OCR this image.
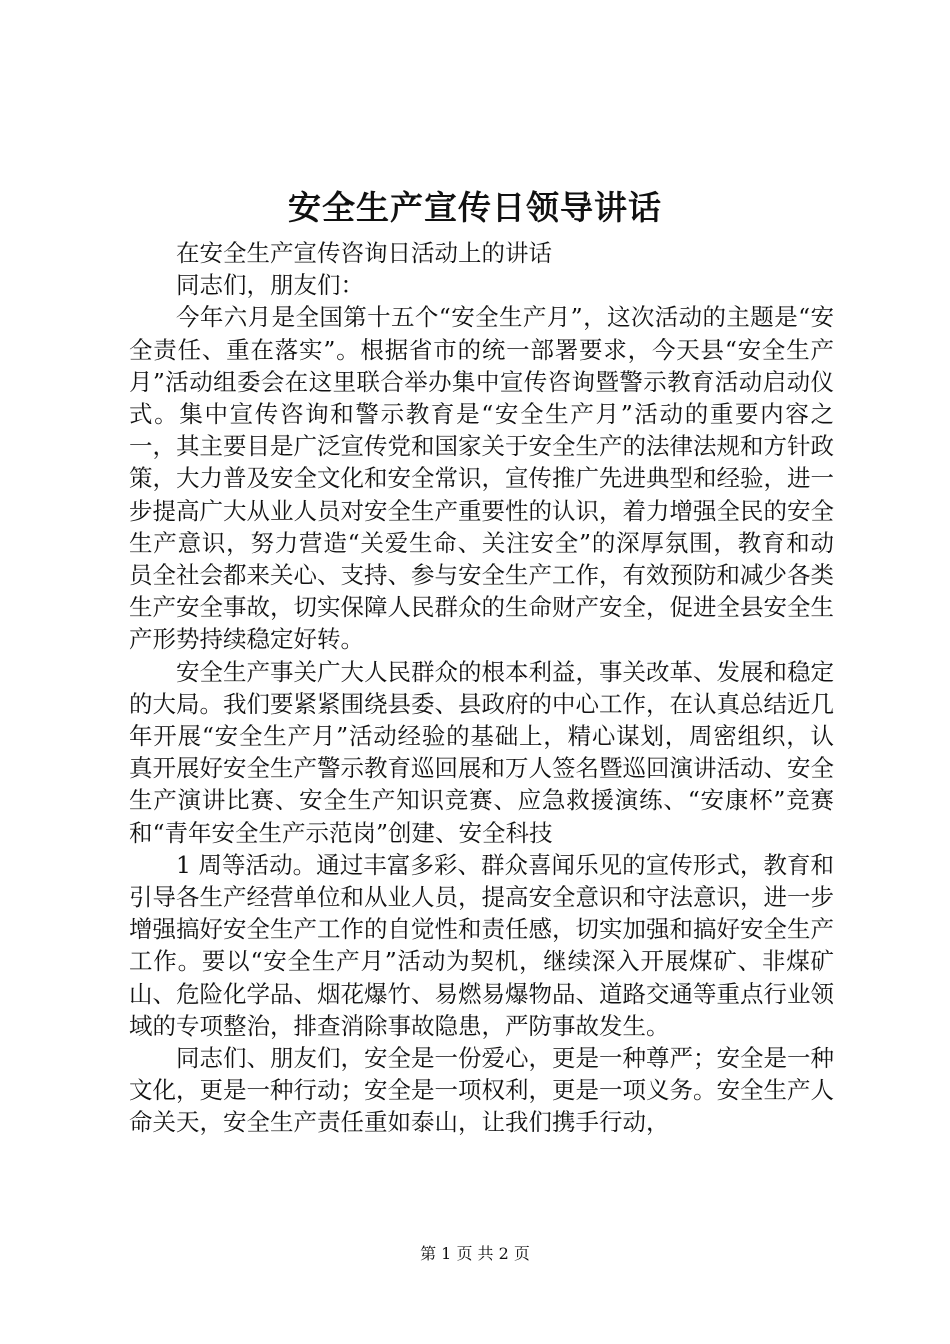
安全生产宣传日领导讲话

在安全生产宣传咨询日活动上的讲话

同志们，朋友们：

今年六月是全国第十五个“安全生产月”，这次活动的主题是“安全责任、重在落实”。根据省市的统一部署要求，今天县“安全生产月”活动组委会在这里联合举办集中宣传咨询暨警示教育活动启动仪式。集中宣传咨询和警示教育是“安全生产月”活动的重要内容之一，其主要目是广泛宣传党和国家关于安全生产的法律法规和方针政策，大力普及安全文化和安全常识，宣传推广先进典型和经验，进一步提高广大从业人员对安全生产重要性的认识，着力增强全民的安全生产意识，努力营造“关爱生命、关注安全”的深厚氛围，教育和动员全社会都来关心、支持、参与安全生产工作，有效预防和减少各类生产安全事故，切实保障人民群众的生命财产安全，促进全县安全生产形势持续稳定好转。

安全生产事关广大人民群众的根本利益，事关改革、发展和稳定的大局。我们要紧紧围绕县委、县政府的中心工作，在认真总结近几年开展“安全生产月”活动经验的基础上，精心谋划，周密组织，认真开展好安全生产警示教育巡回展和万人签名暨巡回演讲活动、安全生产演讲比赛、安全生产知识竞赛、应急救援演练、“安康杯”竞赛和“青年安全生产示范岗”创建、安全科技

1 周等活动。通过丰富多彩、群众喜闻乐见的宣传形式，教育和引导各生产经营单位和从业人员，提高安全意识和守法意识，进一步增强搞好安全生产工作的自觉性和责任感，切实加强和搞好安全生产工作。要以“安全生产月”活动为契机，继续深入开展煤矿、非煤矿山、危险化学品、烟花爆竹、易燃易爆物品、道路交通等重点行业领域的专项整治，排查消除事故隐患，严防事故发生。

同志们、朋友们，安全是一份爱心，更是一种尊严；安全是一种文化，更是一种行动；安全是一项权利，更是一项义务。安全生产人命关天，安全生产责任重如泰山，让我们携手行动，

第 1 页 共 2 页
